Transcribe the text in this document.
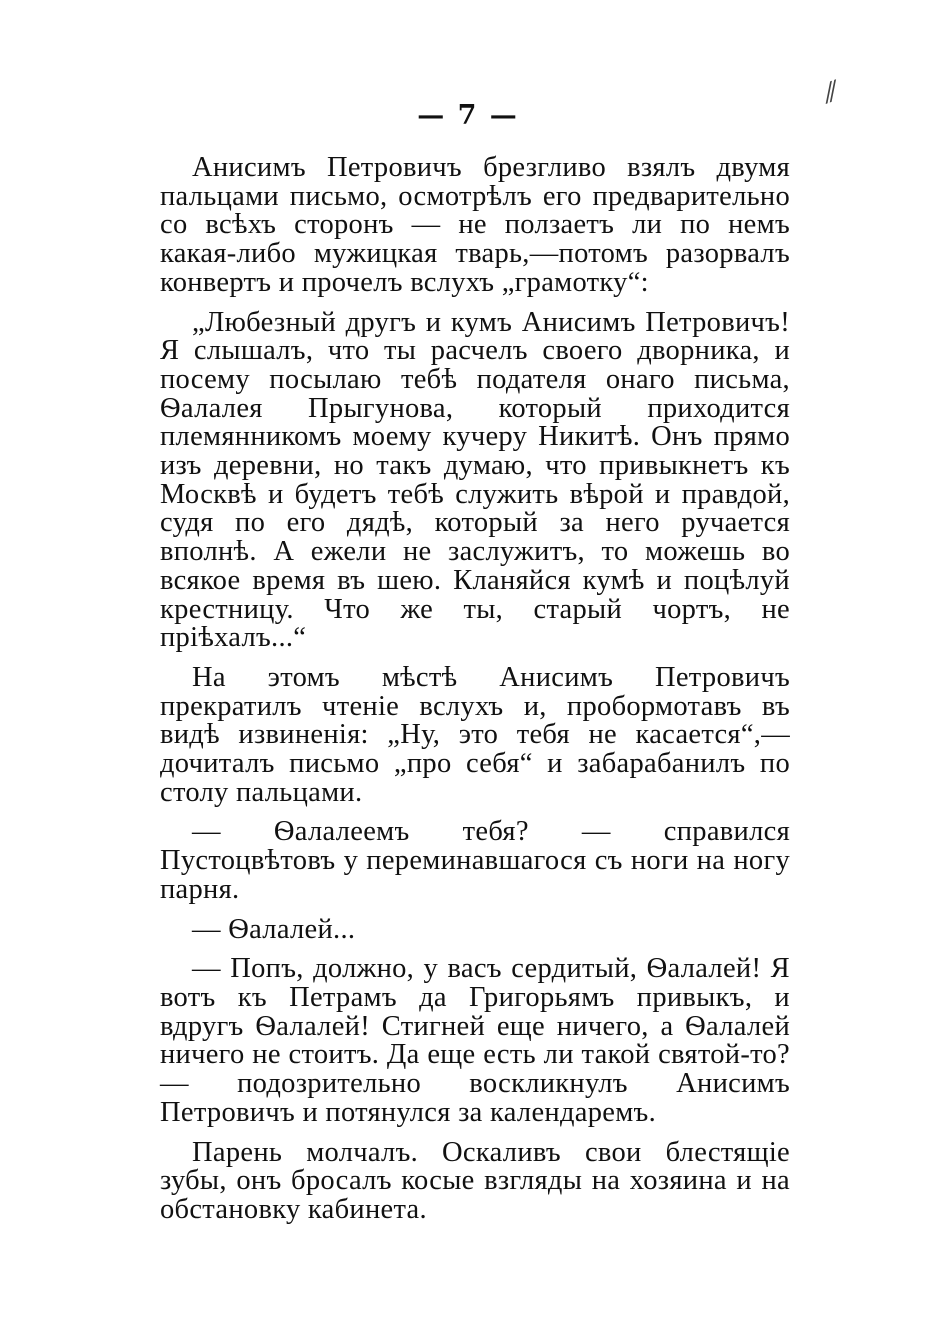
⁄⁄
— 7 —

Анисимъ Петровичъ брезгливо взялъ двумя пальцами письмо, осмотрѣлъ его предварительно со всѣхъ сторонъ — не ползаетъ ли по немъ какая-либо мужицкая тварь,—потомъ разорвалъ конвертъ и прочелъ вслухъ „грамотку“:

„Любезный другъ и кумъ Анисимъ Петровичъ! Я слышалъ, что ты расчелъ своего дворника, и посему посылаю тебѣ подателя онаго письма, Ѳалалея Прыгунова, который приходится племянникомъ моему кучеру Никитѣ. Онъ прямо изъ деревни, но такъ думаю, что привыкнетъ къ Москвѣ и будетъ тебѣ служить вѣрой и правдой, судя по его дядѣ, который за него ручается вполнѣ. А ежели не заслужитъ, то можешь во всякое время въ шею. Кланяйся кумѣ и поцѣлуй крестницу. Что же ты, старый чортъ, не прiѣхалъ...“

На этомъ мѣстѣ Анисимъ Петровичъ прекратилъ чтенiе вслухъ и, пробормотавъ въ видѣ извиненiя: „Ну, это тебя не касается“,—дочиталъ письмо „про себя“ и забарабанилъ по столу пальцами.

— Ѳалалеемъ тебя? — справился Пустоцвѣтовъ у переминавшагося съ ноги на ногу парня.

— Ѳалалей...

— Попъ, должно, у васъ сердитый, Ѳалалей! Я вотъ къ Петрамъ да Григорьямъ привыкъ, и вдругъ Ѳалалей! Стигней еще ничего, а Ѳалалей ничего не стоитъ. Да еще есть ли такой святой-то? — подозрительно воскликнулъ Анисимъ Петровичъ и потянулся за календаремъ.

Парень молчалъ. Оскаливъ свои блестящiе зубы, онъ бросалъ косые взгляды на хозяина и на обстановку кабинета.
